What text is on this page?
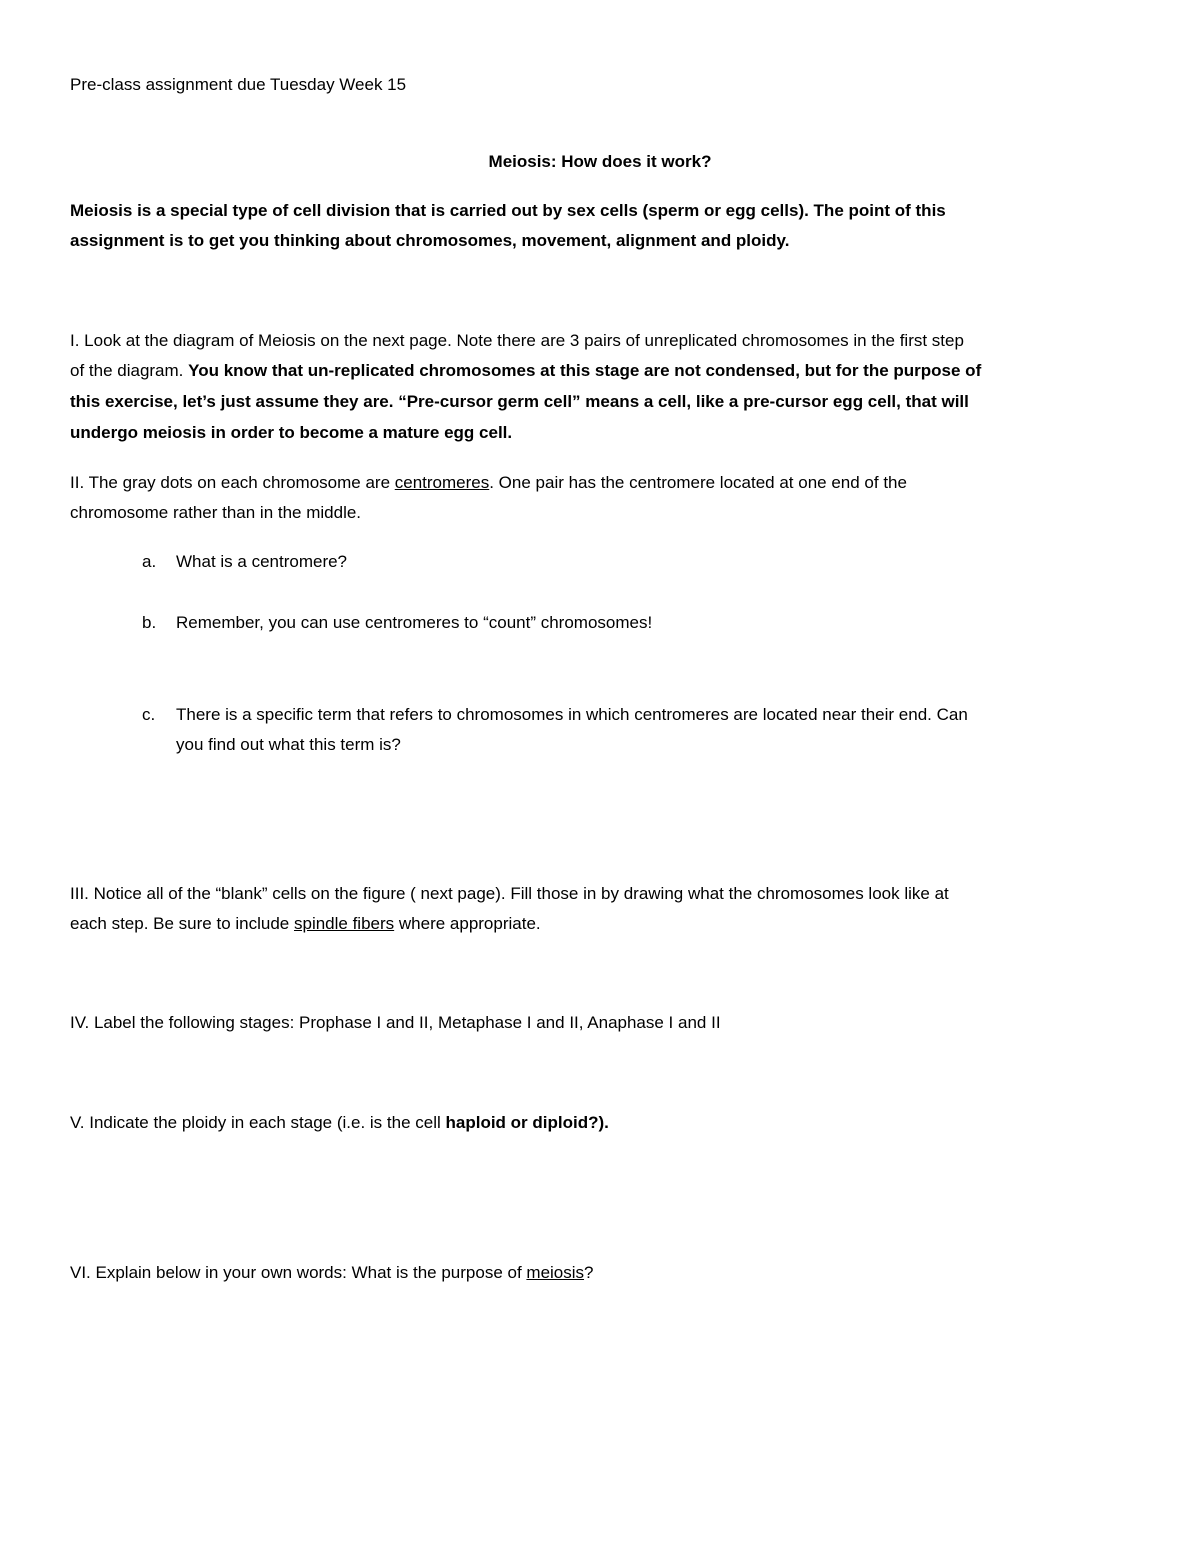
Pre-class assignment due Tuesday Week 15
Meiosis: How does it work?
Meiosis is a special type of cell division that is carried out by sex cells (sperm or egg cells). The point of this
assignment is to get you thinking about chromosomes, movement, alignment and ploidy.
I. Look at the diagram of Meiosis on the next page. Note there are 3 pairs of unreplicated chromosomes in the first step
of the diagram. You know that un-replicated chromosomes at this stage are not condensed, but for the purpose of
this exercise, let’s just assume they are. “Pre-cursor germ cell” means a cell, like a pre-cursor egg cell, that will
undergo meiosis in order to become a mature egg cell.
II. The gray dots on each chromosome are centromeres. One pair has the centromere located at one end of the
chromosome rather than in the middle.
a. What is a centromere?
b. Remember, you can use centromeres to “count” chromosomes!
c. There is a specific term that refers to chromosomes in which centromeres are located near their end. Can
you find out what this term is?
III. Notice all of the “blank” cells on the figure ( next page). Fill those in by drawing what the chromosomes look like at
each step. Be sure to include spindle fibers where appropriate.
IV. Label the following stages: Prophase I and II, Metaphase I and II, Anaphase I and II
V. Indicate the ploidy in each stage (i.e. is the cell haploid or diploid?).
VI. Explain below in your own words: What is the purpose of meiosis?
